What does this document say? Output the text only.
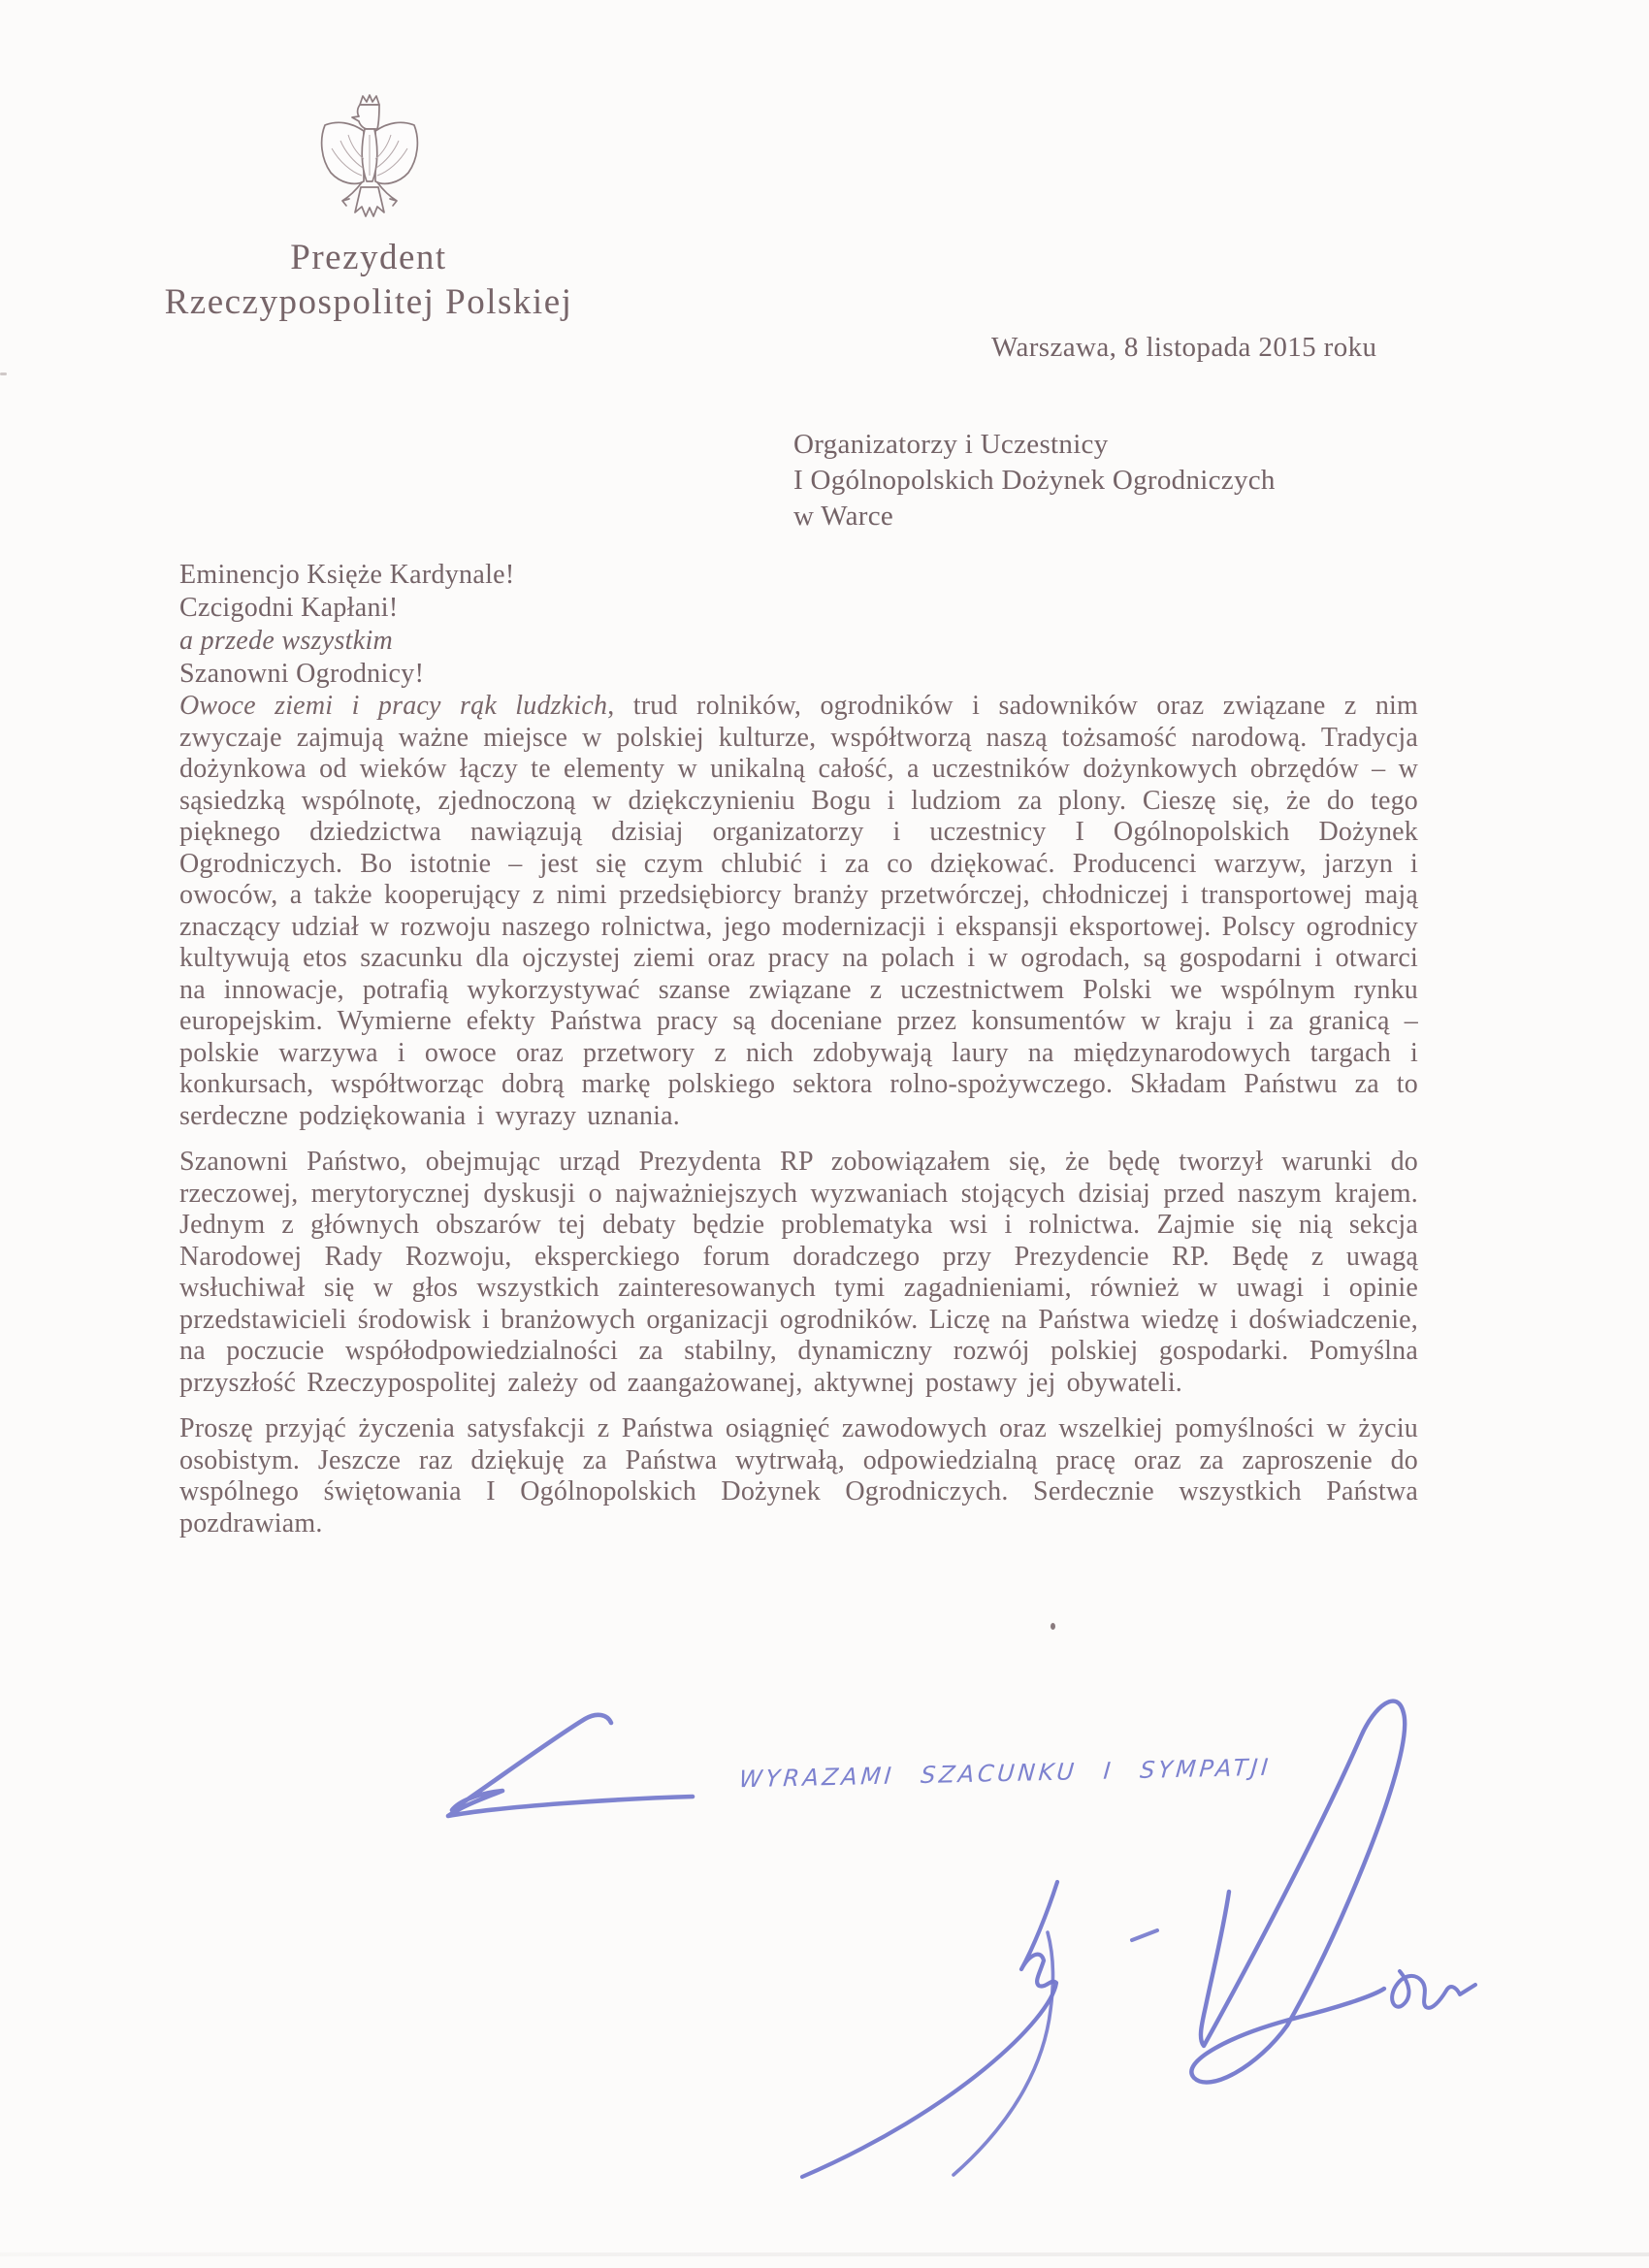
Prezydent
Rzeczypospolitej Polskiej
Warszawa, 8 listopada 2015 roku
Organizatorzy i Uczestnicy
I Ogólnopolskich Dożynek Ogrodniczych
w Warce
Eminencjo Księże Kardynale!
Czcigodni Kapłani!
a przede wszystkim
Szanowni Ogrodnicy!

Owoce ziemi i pracy rąk ludzkich, trud rolników, ogrodników i sadowników oraz związane z nim zwyczaje zajmują ważne miejsce w polskiej kulturze, współtworzą naszą tożsamość narodową. Tradycja dożynkowa od wieków łączy te elementy w unikalną całość, a uczestników dożynkowych obrzędów – w sąsiedzką wspólnotę, zjednoczoną w dziękczynieniu Bogu i ludziom za plony. Cieszę się, że do tego pięknego dziedzictwa nawiązują dzisiaj organizatorzy i uczestnicy I Ogólnopolskich Dożynek Ogrodniczych. Bo istotnie – jest się czym chlubić i za co dziękować. Producenci warzyw, jarzyn i owoców, a także kooperujący z nimi przedsiębiorcy branży przetwórczej, chłodniczej i transportowej mają znaczący udział w rozwoju naszego rolnictwa, jego modernizacji i ekspansji eksportowej. Polscy ogrodnicy kultywują etos szacunku dla ojczystej ziemi oraz pracy na polach i w ogrodach, są gospodarni i otwarci na innowacje, potrafią wykorzystywać szanse związane z uczestnictwem Polski we wspólnym rynku europejskim. Wymierne efekty Państwa pracy są doceniane przez konsumentów w kraju i za granicą – polskie warzywa i owoce oraz przetwory z nich zdobywają laury na międzynarodowych targach i konkursach, współtworząc dobrą markę polskiego sektora rolno-spożywczego. Składam Państwu za to serdeczne podziękowania i wyrazy uznania.

Szanowni Państwo, obejmując urząd Prezydenta RP zobowiązałem się, że będę tworzył warunki do rzeczowej, merytorycznej dyskusji o najważniejszych wyzwaniach stojących dzisiaj przed naszym krajem. Jednym z głównych obszarów tej debaty będzie problematyka wsi i rolnictwa. Zajmie się nią sekcja Narodowej Rady Rozwoju, eksperckiego forum doradczego przy Prezydencie RP. Będę z uwagą wsłuchiwał się w głos wszystkich zainteresowanych tymi zagadnieniami, również w uwagi i opinie przedstawicieli środowisk i branżowych organizacji ogrodników. Liczę na Państwa wiedzę i doświadczenie, na poczucie współodpowiedzialności za stabilny, dynamiczny rozwój polskiej gospodarki. Pomyślna przyszłość Rzeczypospolitej zależy od zaangażowanej, aktywnej postawy jej obywateli.

Proszę przyjąć życzenia satysfakcji z Państwa osiągnięć zawodowych oraz wszelkiej pomyślności w życiu osobistym. Jeszcze raz dziękuję za Państwa wytrwałą, odpowiedzialną pracę oraz za zaproszenie do wspólnego świętowania I Ogólnopolskich Dożynek Ogrodniczych. Serdecznie wszystkich Państwa pozdrawiam.

WYRAZAMI SZACUNKU I SYMPATJI
